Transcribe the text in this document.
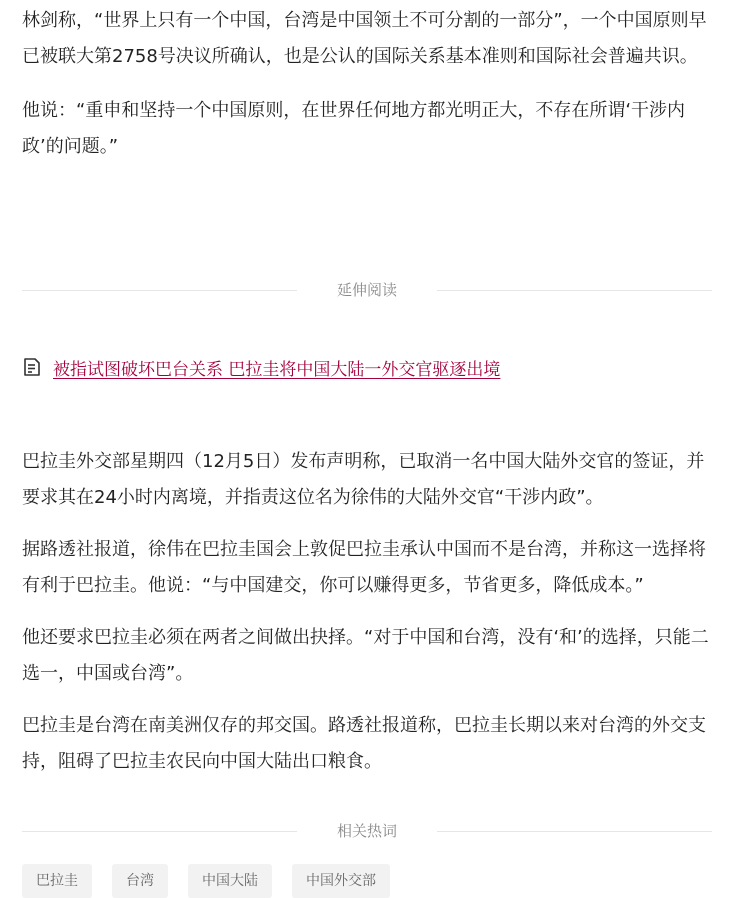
林剑称，“世界上只有一个中国，台湾是中国领土不可分割的一部分”，一个中国原则早已被联大第2758号决议所确认，也是公认的国际关系基本准则和国际社会普遍共识。

他说：“重申和坚持一个中国原则，在世界任何地方都光明正大，不存在所谓‘干涉内政’的问题。”

延伸阅读
被指试图破坏巴台关系 巴拉圭将中国大陆一外交官驱逐出境

巴拉圭外交部星期四（12月5日）发布声明称，已取消一名中国大陆外交官的签证，并要求其在24小时内离境，并指责这位名为徐伟的大陆外交官“干涉内政”。

据路透社报道，徐伟在巴拉圭国会上敦促巴拉圭承认中国而不是台湾，并称这一选择将有利于巴拉圭。他说：“与中国建交，你可以赚得更多，节省更多，降低成本。”

他还要求巴拉圭必须在两者之间做出抉择。“对于中国和台湾，没有‘和’的选择，只能二选一，中国或台湾”。

巴拉圭是台湾在南美洲仅存的邦交国。路透社报道称，巴拉圭长期以来对台湾的外交支持，阻碍了巴拉圭农民向中国大陆出口粮食。

相关热词
巴拉圭	台湾	中国大陆	中国外交部
